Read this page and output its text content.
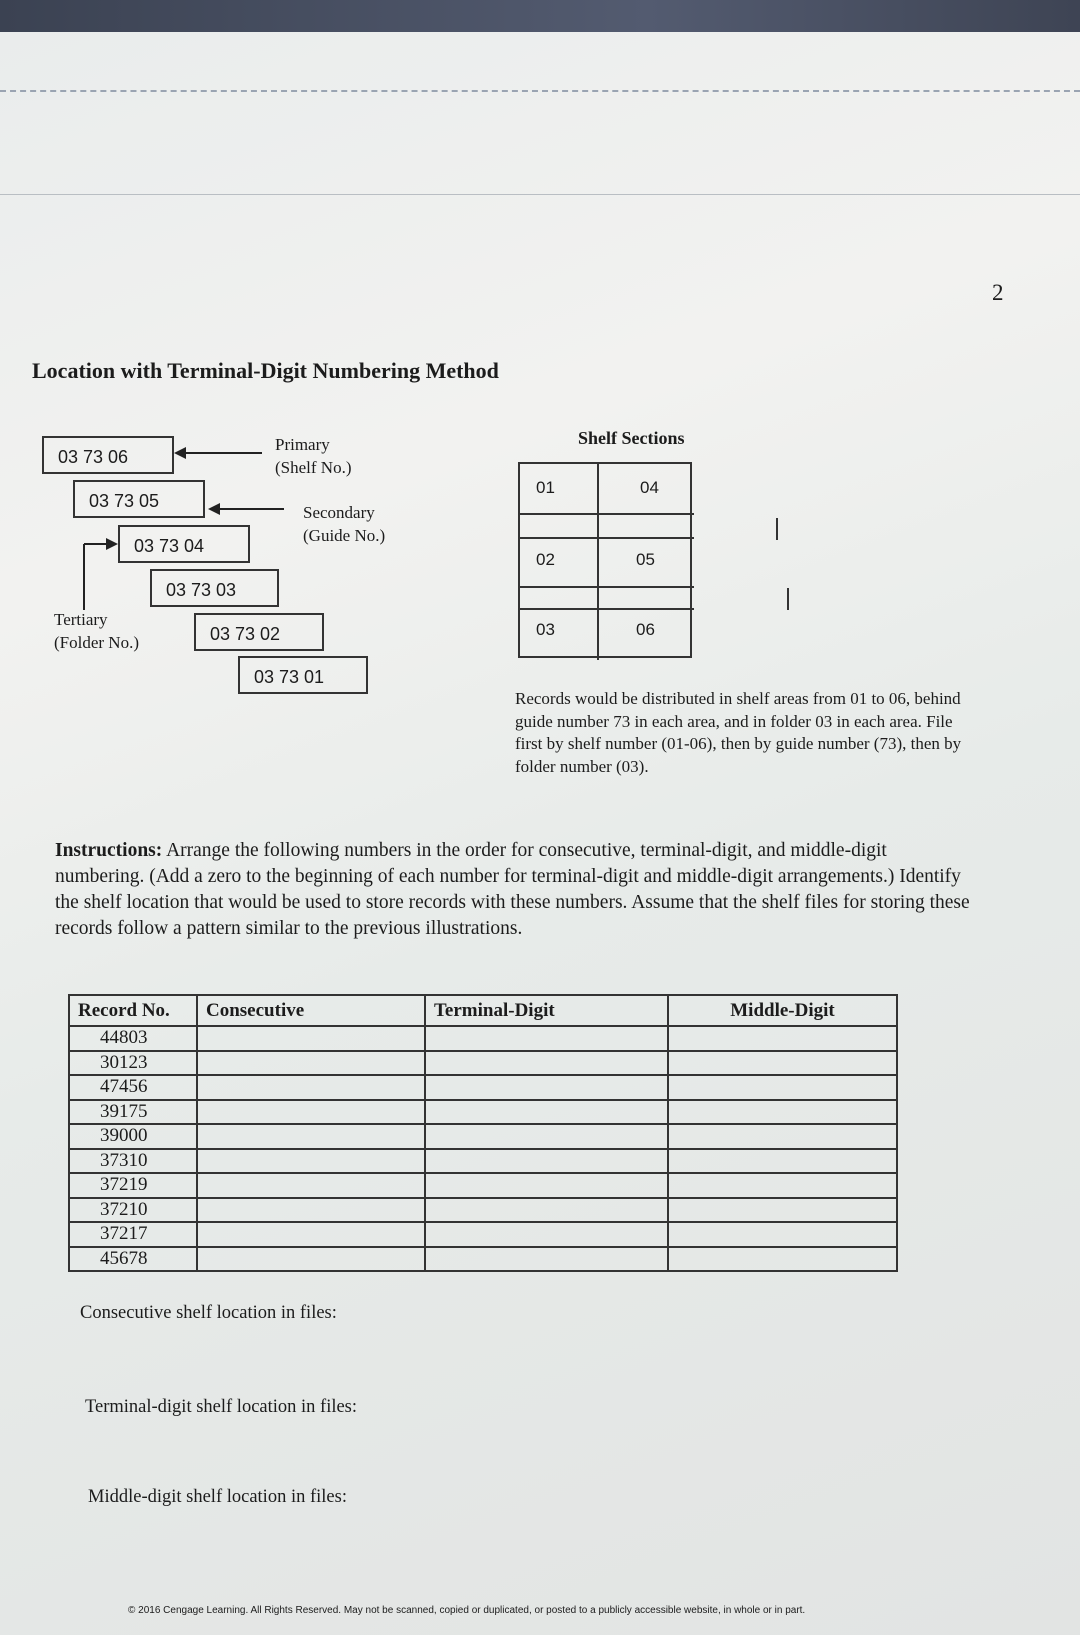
2
Location with Terminal-Digit Numbering Method
03 73 06
03 73 05
03 73 04
03 73 03
03 73 02
03 73 01
Primary
(Shelf No.)
Secondary
(Guide No.)
Tertiary
(Folder No.)
Shelf Sections
01	04
02	05
03	06
Records would be distributed in shelf areas from 01 to 06, behind guide number 73 in each area, and in folder 03 in each area. File first by shelf number (01-06), then by guide number (73), then by folder number (03).
Instructions: Arrange the following numbers in the order for consecutive, terminal-digit, and middle-digit numbering. (Add a zero to the beginning of each number for terminal-digit and middle-digit arrangements.) Identify the shelf location that would be used to store records with these numbers. Assume that the shelf files for storing these records follow a pattern similar to the previous illustrations.
Record No.	Consecutive	Terminal-Digit	Middle-Digit
44803			
30123			
47456			
39175			
39000			
37310			
37219			
37210			
37217			
45678			
Consecutive shelf location in files:
Terminal-digit shelf location in files:
Middle-digit shelf location in files:
© 2016 Cengage Learning. All Rights Reserved. May not be scanned, copied or duplicated, or posted to a publicly accessible website, in whole or in part.
